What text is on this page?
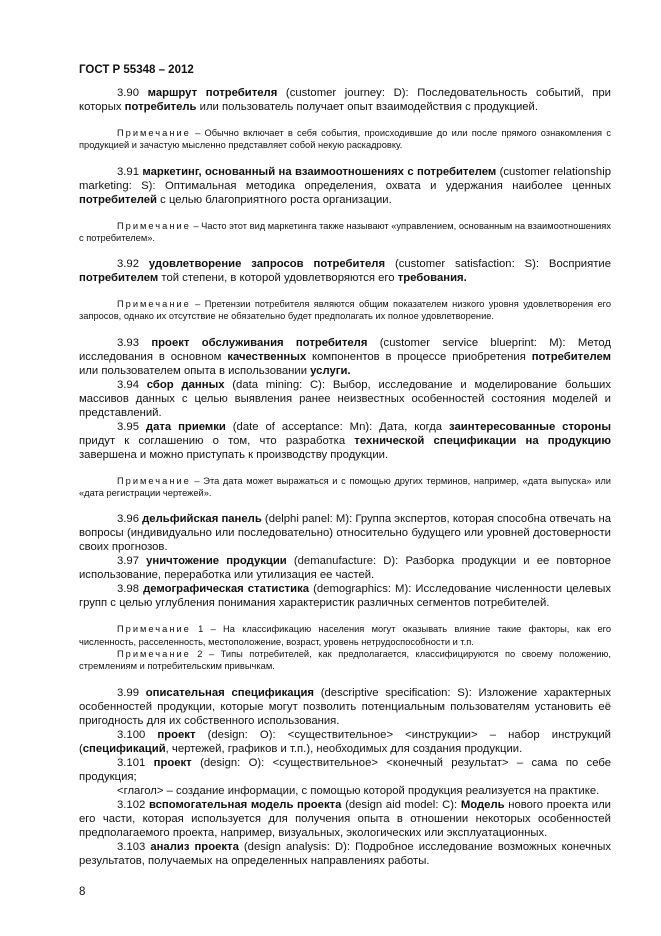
ГОСТ Р 55348 – 2012

3.90 маршрут потребителя (customer journey: D): Последовательность событий, при которых потребитель или пользователь получает опыт взаимодействия с продукцией.

Примечание – Обычно включает в себя события, происходившие до или после прямого ознакомления с продукцией и зачастую мысленно представляет собой некую раскадровку.

3.91 маркетинг, основанный на взаимоотношениях с потребителем (customer relationship marketing: S): Оптимальная методика определения, охвата и удержания наиболее ценных потребителей с целью благоприятного роста организации.

Примечание – Часто этот вид маркетинга также называют «управлением, основанным на взаимоотношениях с потребителем».

3.92 удовлетворение запросов потребителя (customer satisfaction: S): Восприятие потребителем той степени, в которой удовлетворяются его требования.

Примечание – Претензии потребителя являются общим показателем низкого уровня удовлетворения его запросов, однако их отсутствие не обязательно будет предполагать их полное удовлетворение.

3.93 проект обслуживания потребителя (customer service blueprint: M): Метод исследования в основном качественных компонентов в процессе приобретения потребителем или пользователем опыта в использовании услуги.

3.94 сбор данных (data mining: C): Выбор, исследование и моделирование больших массивов данных с целью выявления ранее неизвестных особенностей состояния моделей и представлений.

3.95 дата приемки (date of acceptance: Mn): Дата, когда заинтересованные стороны придут к соглашению о том, что разработка технической спецификации на продукцию завершена и можно приступать к производству продукции.

Примечание – Эта дата может выражаться и с помощью других терминов, например, «дата выпуска» или «дата регистрации чертежей».

3.96 дельфийская панель (delphi panel: M): Группа экспертов, которая способна отвечать на вопросы (индивидуально или последовательно) относительно будущего или уровней достоверности своих прогнозов.

3.97 уничтожение продукции (demanufacture: D): Разборка продукции и ее повторное использование, переработка или утилизация ее частей.

3.98 демографическая статистика (demographics: M): Исследование численности целевых групп с целью углубления понимания характеристик различных сегментов потребителей.

Примечание 1 – На классификацию населения могут оказывать влияние такие факторы, как его численность, расселенность, местоположение, возраст, уровень нетрудоспособности и т.п.

Примечание 2 – Типы потребителей, как предполагается, классифицируются по своему положению, стремлениям и потребительским привычкам.

3.99 описательная спецификация (descriptive specification: S): Изложение характерных особенностей продукции, которые могут позволить потенциальным пользователям установить её пригодность для их собственного использования.

3.100 проект (design: O): <существительное> <инструкции> – набор инструкций (спецификаций, чертежей, графиков и т.п.), необходимых для создания продукции.

3.101 проект (design: O): <существительное> <конечный результат> – сама по себе продукция;

<глагол> – создание информации, с помощью которой продукция реализуется на практике.

3.102 вспомогательная модель проекта (design aid model: C): Модель нового проекта или его части, которая используется для получения опыта в отношении некоторых особенностей предполагаемого проекта, например, визуальных, экологических или эксплуатационных.

3.103 анализ проекта (design analysis: D): Подробное исследование возможных конечных результатов, получаемых на определенных направлениях работы.

8
